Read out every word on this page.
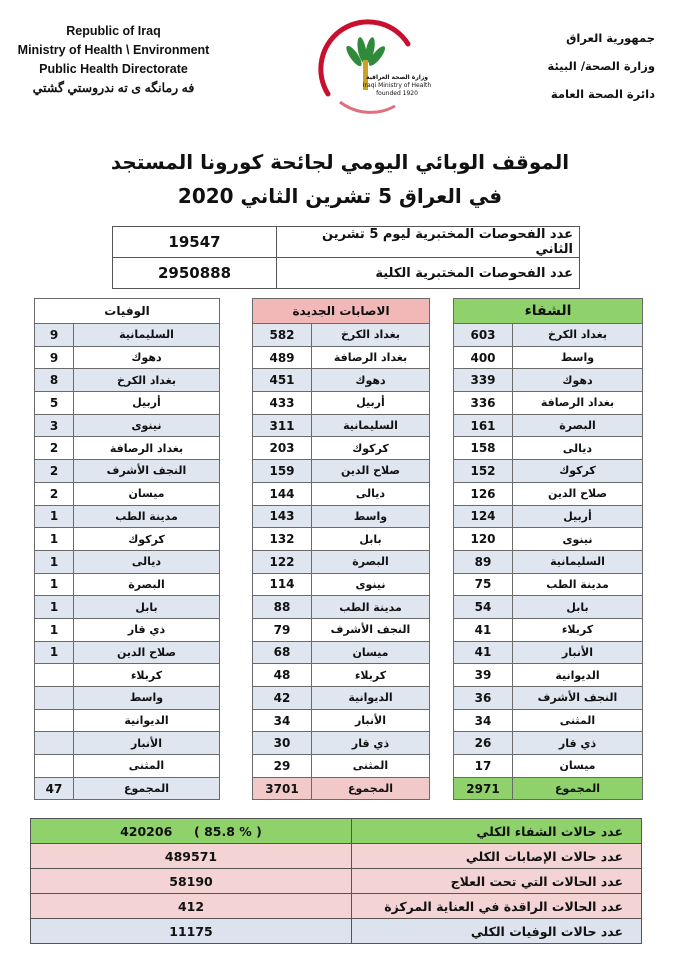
Republic of Iraq
Ministry of Health \ Environment
Public Health Directorate
فه رمانگه ی ته ندروستي گشتي
وزارة الصحة العراقية
Iraqi Ministry of Health
founded 1920
جمهورية العراق
وزارة الصحة/ البيئة
دائرة الصحة العامة
الموقف الوبائي اليومي لجائحة كورونا المستجد
في العراق 5 تشرين الثاني 2020
19547	عدد الفحوصات المختبرية ليوم 5 تشرين الثاني
2950888	عدد الفحوصات المختبرية الكلية
الوفيات	
9	السليمانية
9	دهوك
8	بغداد الكرخ
5	أربيل
3	نينوى
2	بغداد الرصافة
2	النجف الأشرف
2	ميسان
1	مدينة الطب
1	كركوك
1	ديالى
1	البصرة
1	بابل
1	ذي قار
1	صلاح الدين
	كربلاء
	واسط
	الديوانية
	الأنبار
	المثنى
47	المجموع
الاصابات الجديدة	
582	بغداد الكرخ
489	بغداد الرصافة
451	دهوك
433	أربيل
311	السليمانية
203	كركوك
159	صلاح الدين
144	ديالى
143	واسط
132	بابل
122	البصرة
114	نينوى
88	مدينة الطب
79	النجف الأشرف
68	ميسان
48	كربلاء
42	الديوانية
34	الأنبار
30	ذي قار
29	المثنى
3701	المجموع
الشفاء	
603	بغداد الكرخ
400	واسط
339	دهوك
336	بغداد الرصافة
161	البصرة
158	ديالى
152	كركوك
126	صلاح الدين
124	أربيل
120	نينوى
89	السليمانية
75	مدينة الطب
54	بابل
41	كربلاء
41	الأنبار
39	الديوانية
36	النجف الأشرف
34	المثنى
26	ذي قار
17	ميسان
2971	المجموع
420206     ( 85.8 % )	عدد حالات الشفاء الكلي
489571	عدد حالات الإصابات الكلي
58190	عدد الحالات التي تحت العلاج
412	عدد الحالات الراقدة في العناية المركزة
11175	عدد حالات الوفيات الكلي
